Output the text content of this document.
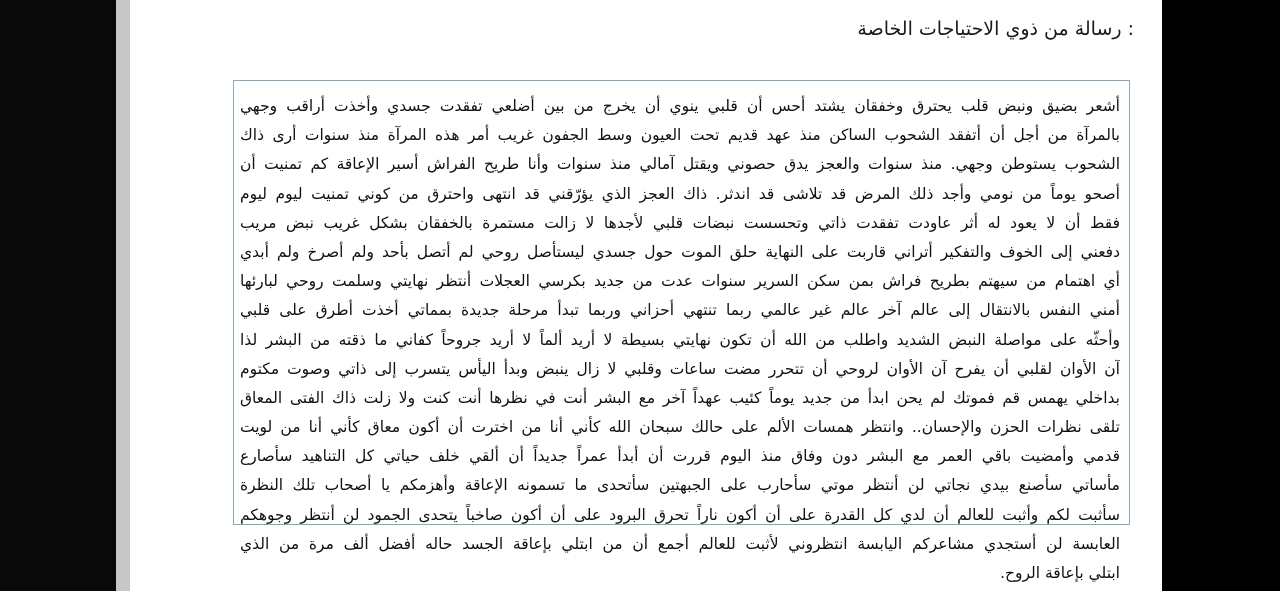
: رسالة من ذوي الاحتياجات الخاصة
أشعر بضيق ونبض قلب يحترق وخفقان يشتد أحس أن قلبي ينوي أن يخرج من بين أضلعي تفقدت جسدي وأخذت أراقب وجهي
بالمرآة من أجل أن أتفقد الشحوب الساكن منذ عهد قديم تحت العيون وسط الجفون غريب أمر هذه المرآة منذ سنوات أرى ذاك
الشحوب يستوطن وجهي. منذ سنوات والعجز يدق حصوني ويقتل آمالي منذ سنوات وأنا طريح الفراش أسير الإعاقة كم تمنيت أن
أصحو يوماً من نومي وأجد ذلك المرض قد تلاشى قد اندثر. ذاك العجز الذي يؤرّقني قد انتهى واحترق من كوني تمنيت ليوم ليوم
فقط أن لا يعود له أثر عاودت تفقدت ذاتي وتحسست نبضات قلبي لأجدها لا زالت مستمرة بالخفقان بشكل غريب نبض مريب
دفعني إلى الخوف والتفكير أتراني قاربت على النهاية حلق الموت حول جسدي ليستأصل روحي لم أتصل بأحد ولم أصرخ ولم أبدي
أي اهتمام من سيهتم بطريح فراش بمن سكن السرير سنوات عدت من جديد بكرسي العجلات أنتظر نهايتي وسلمت روحي لبارئها
أمني النفس بالانتقال إلى عالم آخر عالم غير عالمي ربما تنتهي أحزاني وربما تبدأ مرحلة جديدة بمماتي أخذت أطرق على قلبي
وأحثّه على مواصلة النبض الشديد واطلب من الله أن تكون نهايتي بسيطة لا أريد ألماً لا أريد جروحاً كفاني ما ذقته من البشر لذا
آن الأوان لقلبي أن يفرح آن الأوان لروحي أن تتحرر مضت ساعات وقلبي لا زال ينبض وبدأ اليأس يتسرب إلى ذاتي وصوت مكتوم
بداخلي يهمس قم فموتك لم يحن ابدأ من جديد يوماً كئيب عهداً آخر مع البشر أنت في نظرها أنت كنت ولا زلت ذاك الفتى المعاق
تلقى نظرات الحزن والإحسان.. وانتظر همسات الألم على حالك سبحان الله كأني أنا من اخترت أن أكون معاق كأني أنا من لويت
قدمي وأمضيت باقي العمر مع البشر دون وفاق منذ اليوم قررت أن أبدأ عمراً جديداً أن ألقي خلف حياتي كل التناهيد سأصارع
مأساتي سأصنع بيدي نجاتي لن أنتظر موتي سأحارب على الجبهتين سأتحدى ما تسمونه الإعاقة وأهزمكم يا أصحاب تلك النظرة
سأثبت لكم وأثبت للعالم أن لدي كل القدرة على أن أكون ناراً تحرق البرود على أن أكون صاخباً يتحدى الجمود لن أنتظر وجوهكم
العابسة لن أستجدي مشاعركم اليابسة انتظروني لأثبت للعالم أجمع أن من ابتلي بإعاقة الجسد حاله أفضل ألف مرة من الذي
ابتلي بإعاقة الروح.
